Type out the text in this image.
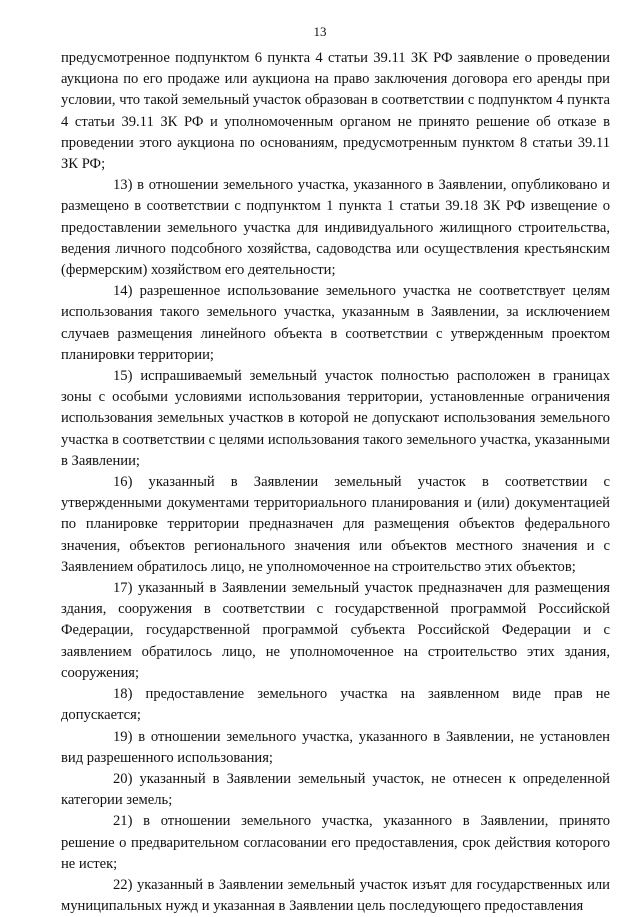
13

предусмотренное подпунктом 6 пункта 4 статьи 39.11 ЗК РФ заявление о проведении аукциона по его продаже или аукциона на право заключения договора его аренды при условии, что такой земельный участок образован в соответствии с подпунктом 4 пункта 4 статьи 39.11 ЗК РФ и уполномоченным органом не принято решение об отказе в проведении этого аукциона по основаниям, предусмотренным пунктом 8 статьи 39.11 ЗК РФ;

13) в отношении земельного участка, указанного в Заявлении, опубликовано и размещено в соответствии с подпунктом 1 пункта 1 статьи 39.18 ЗК РФ извещение о предоставлении земельного участка для индивидуального жилищного строительства, ведения личного подсобного хозяйства, садоводства или осуществления крестьянским (фермерским) хозяйством его деятельности;

14) разрешенное использование земельного участка не соответствует целям использования такого земельного участка, указанным в Заявлении, за исключением случаев размещения линейного объекта в соответствии с утвержденным проектом планировки территории;

15) испрашиваемый земельный участок полностью расположен в границах зоны с особыми условиями использования территории, установленные ограничения использования земельных участков в которой не допускают использования земельного участка в соответствии с целями использования такого земельного участка, указанными в Заявлении;

16) указанный в Заявлении земельный участок в соответствии с утвержденными документами территориального планирования и (или) документацией по планировке территории предназначен для размещения объектов федерального значения, объектов регионального значения или объектов местного значения и с Заявлением обратилось лицо, не уполномоченное на строительство этих объектов;

17) указанный в Заявлении земельный участок предназначен для размещения здания, сооружения в соответствии с государственной программой Российской Федерации, государственной программой субъекта Российской Федерации и с заявлением обратилось лицо, не уполномоченное на строительство этих здания, сооружения;

18) предоставление земельного участка на заявленном виде прав не допускается;

19) в отношении земельного участка, указанного в Заявлении, не установлен вид разрешенного использования;

20) указанный в Заявлении земельный участок, не отнесен к определенной категории земель;

21) в отношении земельного участка, указанного в Заявлении, принято решение о предварительном согласовании его предоставления, срок действия которого не истек;

22) указанный в Заявлении земельный участок изъят для государственных или муниципальных нужд и указанная в Заявлении цель последующего предоставления
